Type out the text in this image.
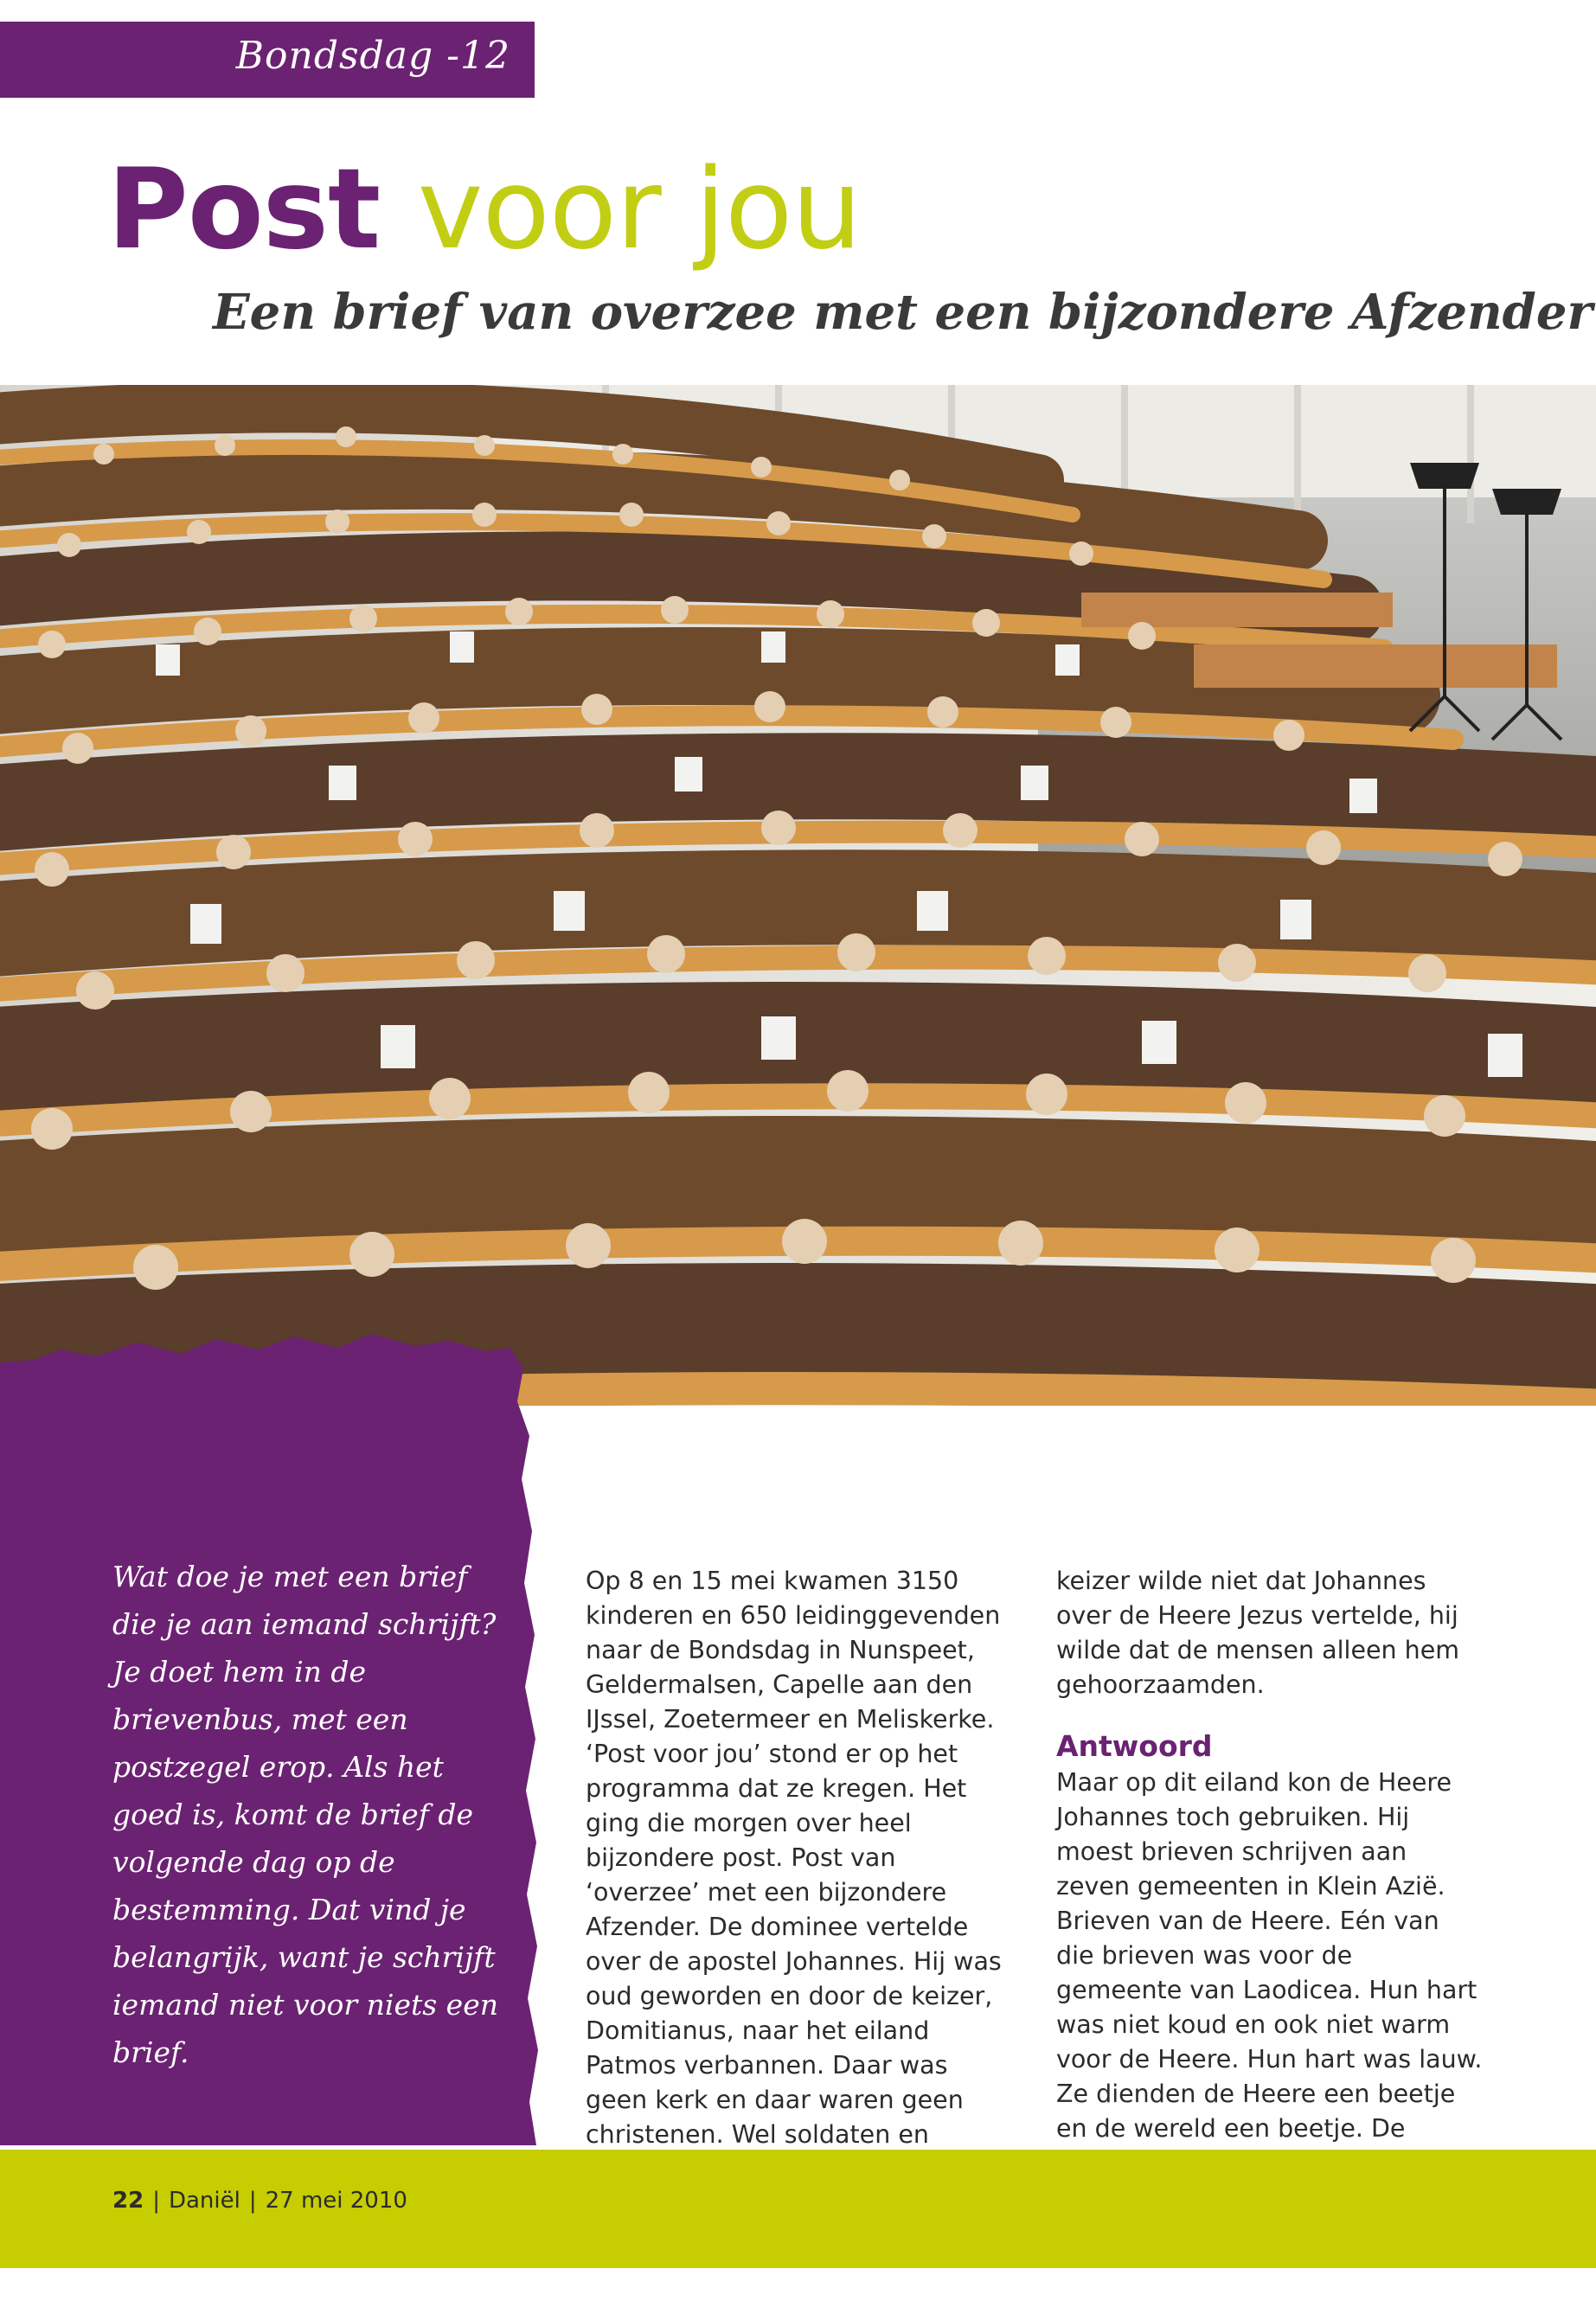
Bondsdag -12
Post voor jou
Een brief van overzee met een bijzondere Afzender

Wat doe je met een brief die je aan iemand schrijft? Je doet hem in de brievenbus, met een postzegel erop. Als het goed is, komt de brief de volgende dag op de bestemming. Dat vind je belangrijk, want je schrijft iemand niet voor niets een brief.

Op 8 en 15 mei kwamen 3150 kinderen en 650 leidinggevenden naar de Bondsdag in Nunspeet, Geldermalsen, Capelle aan den IJssel, Zoetermeer en Meliskerke. ‘Post voor jou’ stond er op het programma dat ze kregen. Het ging die morgen over heel bijzondere post. Post van ‘overzee’ met een bijzondere Afzender. De dominee vertelde over de apostel Johannes. Hij was oud geworden en door de keizer, Domitianus, naar het eiland Patmos verbannen. Daar was geen kerk en daar waren geen christenen. Wel soldaten en

keizer wilde niet dat Johannes over de Heere Jezus vertelde, hij wilde dat de mensen alleen hem gehoorzaamden.

Antwoord

Maar op dit eiland kon de Heere Johannes toch gebruiken. Hij moest brieven schrijven aan zeven gemeenten in Klein Azië. Brieven van de Heere. Eén van die brieven was voor de gemeente van Laodicea. Hun hart was niet koud en ook niet warm voor de Heere. Hun hart was lauw. Ze dienden de Heere een beetje en de wereld een beetje. De

22 | Daniël | 27 mei 2010
